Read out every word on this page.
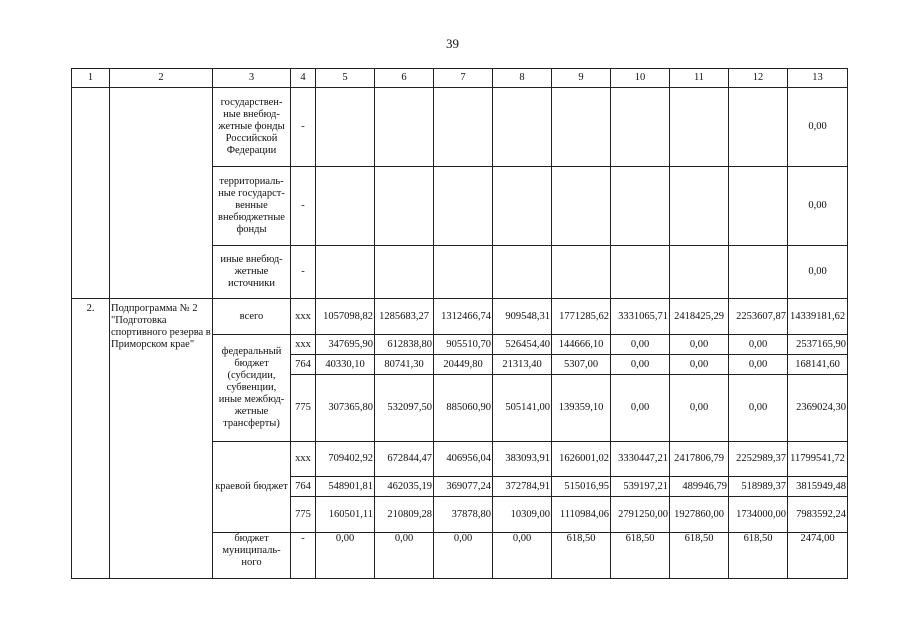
39
1	2	3	4	5	6	7	8	9	10	11	12	13
		государствен-ные внебюд-жетные фонды Российской Федерации	-									0,00
		территориаль-ные государст-венные внебюджетные фонды	-									0,00
		иные внебюд-жетные источники	-									0,00
2.	Подпрограмма № 2 "Подготовка спортивного резерва в Приморском крае"	всего	ххх	1057098,82	1285683,27	1312466,74	909548,31	1771285,62	3331065,71	2418425,29	2253607,87	14339181,62
		федеральный бюджет (субсидии, субвенции, иные межбюд-жетные трансферты)	ххх	347695,90	612838,80	905510,70	526454,40	144666,10	0,00	0,00	0,00	2537165,90
			764	40330,10	80741,30	20449,80	21313,40	5307,00	0,00	0,00	0,00	168141,60
			775	307365,80	532097,50	885060,90	505141,00	139359,10	0,00	0,00	0,00	2369024,30
		краевой бюджет	ххх	709402,92	672844,47	406956,04	383093,91	1626001,02	3330447,21	2417806,79	2252989,37	11799541,72
			764	548901,81	462035,19	369077,24	372784,91	515016,95	539197,21	489946,79	518989,37	3815949,48
			775	160501,11	210809,28	37878,80	10309,00	1110984,06	2791250,00	1927860,00	1734000,00	7983592,24
		бюджет муниципаль-ного	-	0,00	0,00	0,00	0,00	618,50	618,50	618,50	618,50	2474,00
